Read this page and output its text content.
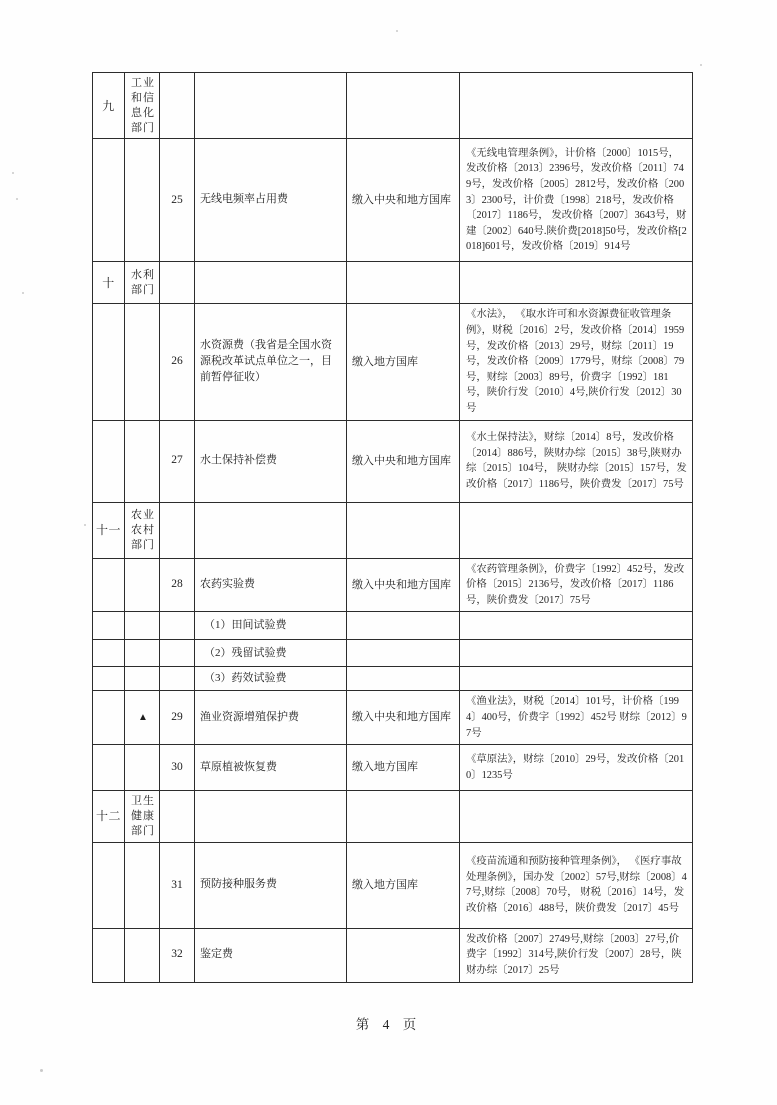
九	工业和信息化部门				
		25	无线电频率占用费	缴入中央和地方国库	《无线电管理条例》，计价格〔2000〕1015号， 发改价格〔2013〕2396号，发改价格〔2011〕749号，发改价格〔2005〕2812号，发改价格〔2003〕2300号，计价费〔1998〕218号，发改价格〔2017〕1186号， 发改价格〔2007〕3643号，财建〔2002〕640号.陕价费[2018]50号，发改价格[2018]601号，发改价格〔2019〕914号
十	水利部门				
		26	水资源费（我省是全国水资源税改革试点单位之一，目前暂停征收）	缴入地方国库	《水法》， 《取水许可和水资源费征收管理条例》，财税〔2016〕2号，发改价格〔2014〕1959号，发改价格〔2013〕29号，财综〔2011〕19号，发改价格〔2009〕1779号，财综〔2008〕79号，财综〔2003〕89号，价费字〔1992〕181号，陕价行发〔2010〕4号,陕价行发〔2012〕30号
		27	水土保持补偿费	缴入中央和地方国库	《水土保持法》，财综〔2014〕8号，发改价格〔2014〕886号，陕财办综〔2015〕38号,陕财办综〔2015〕104号， 陕财办综〔2015〕157号，发改价格〔2017〕1186号，陕价费发〔2017〕75号
十一	农业农村部门				
		28	农药实验费	缴入中央和地方国库	《农药管理条例》，价费字〔1992〕452号，发改价格〔2015〕2136号，发改价格〔2017〕1186号，陕价费发〔2017〕75号
			（1）田间试验费		
			（2）残留试验费		
			（3）药效试验费		
	▲	29	渔业资源增殖保护费	缴入中央和地方国库	《渔业法》，财税〔2014〕101号，计价格〔1994〕400号，价费字〔1992〕452号 财综〔2012〕97号
		30	草原植被恢复费	缴入地方国库	《草原法》，财综〔2010〕29号，发改价格〔2010〕1235号
十二	卫生健康部门				
		31	预防接种服务费	缴入地方国库	《疫苗流通和预防接种管理条例》， 《医疗事故处理条例》，国办发〔2002〕57号,财综〔2008〕47号,财综〔2008〕70号， 财税〔2016〕14号，发改价格〔2016〕488号，陕价费发〔2017〕45号
		32	鉴定费		发改价格〔2007〕2749号,财综〔2003〕27号,价费字〔1992〕314号,陕价行发〔2007〕28号，陕财办综〔2017〕25号
第 4 页
